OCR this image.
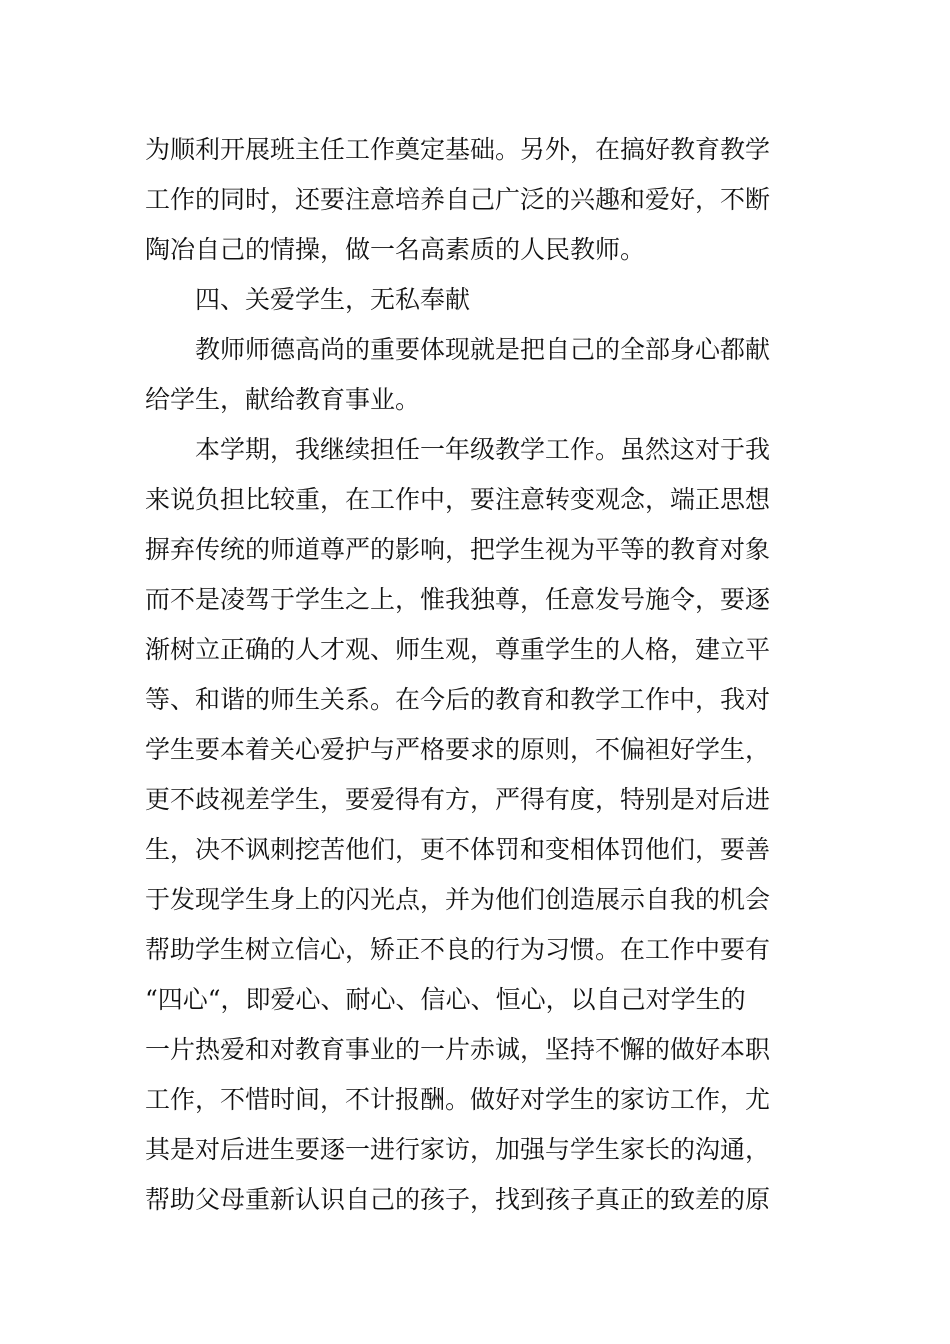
为顺利开展班主任工作奠定基础。另外，在搞好教育教学
工作的同时，还要注意培养自己广泛的兴趣和爱好，不断
陶冶自己的情操，做一名高素质的人民教师。
四、关爱学生，无私奉献
教师师德高尚的重要体现就是把自己的全部身心都献
给学生，献给教育事业。
本学期，我继续担任一年级教学工作。虽然这对于我
来说负担比较重，在工作中，要注意转变观念，端正思想
摒弃传统的师道尊严的影响，把学生视为平等的教育对象
而不是凌驾于学生之上，惟我独尊，任意发号施令，要逐
渐树立正确的人才观、师生观，尊重学生的人格，建立平
等、和谐的师生关系。在今后的教育和教学工作中，我对
学生要本着关心爱护与严格要求的原则，不偏袒好学生，
更不歧视差学生，要爱得有方，严得有度，特别是对后进
生，决不讽刺挖苦他们，更不体罚和变相体罚他们，要善
于发现学生身上的闪光点，并为他们创造展示自我的机会
帮助学生树立信心，矫正不良的行为习惯。在工作中要有
“四心“，即爱心、耐心、信心、恒心，以自己对学生的
一片热爱和对教育事业的一片赤诚，坚持不懈的做好本职
工作，不惜时间，不计报酬。做好对学生的家访工作，尤
其是对后进生要逐一进行家访，加强与学生家长的沟通，
帮助父母重新认识自己的孩子，找到孩子真正的致差的原
